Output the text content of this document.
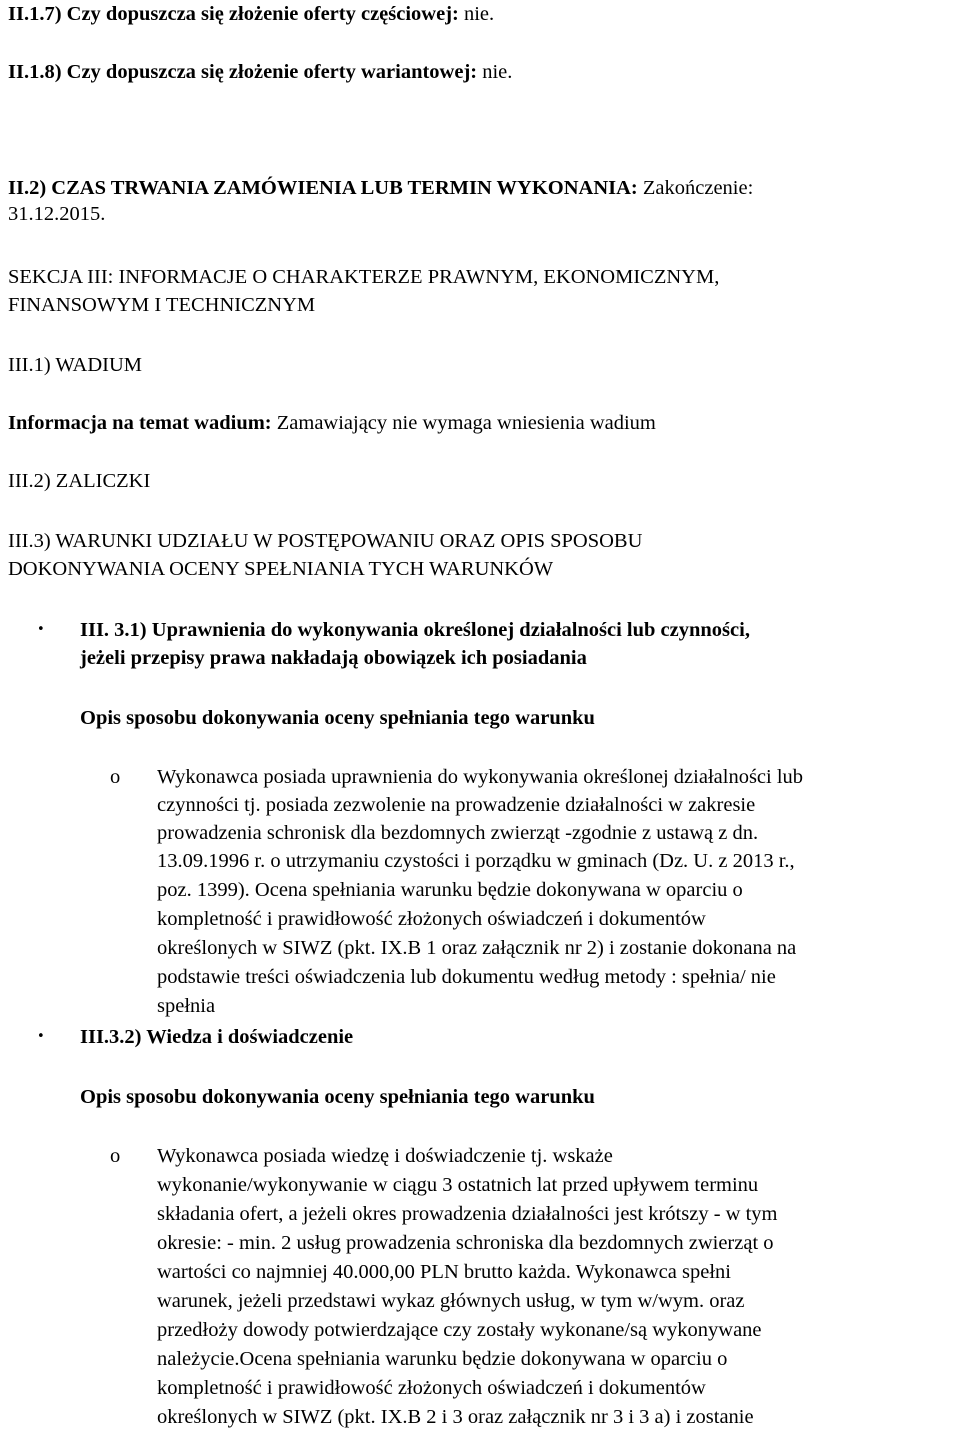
II.1.7) Czy dopuszcza się złożenie oferty częściowej: nie.
II.1.8) Czy dopuszcza się złożenie oferty wariantowej: nie.
II.2) CZAS TRWANIA ZAMÓWIENIA LUB TERMIN WYKONANIA: Zakończenie:
31.12.2015.
SEKCJA III: INFORMACJE O CHARAKTERZE PRAWNYM, EKONOMICZNYM,
FINANSOWYM I TECHNICZNYM
III.1) WADIUM
Informacja na temat wadium: Zamawiający nie wymaga wniesienia wadium
III.2) ZALICZKI
III.3) WARUNKI UDZIAŁU W POSTĘPOWANIU ORAZ OPIS SPOSOBU
DOKONYWANIA OCENY SPEŁNIANIA TYCH WARUNKÓW
• III. 3.1) Uprawnienia do wykonywania określonej działalności lub czynności,
jeżeli przepisy prawa nakładają obowiązek ich posiadania
Opis sposobu dokonywania oceny spełniania tego warunku
o Wykonawca posiada uprawnienia do wykonywania określonej działalności lub
czynności tj. posiada zezwolenie na prowadzenie działalności w zakresie
prowadzenia schronisk dla bezdomnych zwierząt -zgodnie z ustawą z dn.
13.09.1996 r. o utrzymaniu czystości i porządku w gminach (Dz. U. z 2013 r.,
poz. 1399). Ocena spełniania warunku będzie dokonywana w oparciu o
kompletność i prawidłowość złożonych oświadczeń i dokumentów
określonych w SIWZ (pkt. IX.B 1 oraz załącznik nr 2) i zostanie dokonana na
podstawie treści oświadczenia lub dokumentu według metody : spełnia/ nie
spełnia
• III.3.2) Wiedza i doświadczenie
Opis sposobu dokonywania oceny spełniania tego warunku
o Wykonawca posiada wiedzę i doświadczenie tj. wskaże
wykonanie/wykonywanie w ciągu 3 ostatnich lat przed upływem terminu
składania ofert, a jeżeli okres prowadzenia działalności jest krótszy - w tym
okresie: - min. 2 usług prowadzenia schroniska dla bezdomnych zwierząt o
wartości co najmniej 40.000,00 PLN brutto każda. Wykonawca spełni
warunek, jeżeli przedstawi wykaz głównych usług, w tym w/wym. oraz
przedłoży dowody potwierdzające czy zostały wykonane/są wykonywane
należycie.Ocena spełniania warunku będzie dokonywana w oparciu o
kompletność i prawidłowość złożonych oświadczeń i dokumentów
określonych w SIWZ (pkt. IX.B 2 i 3 oraz załącznik nr 3 i 3 a) i zostanie
